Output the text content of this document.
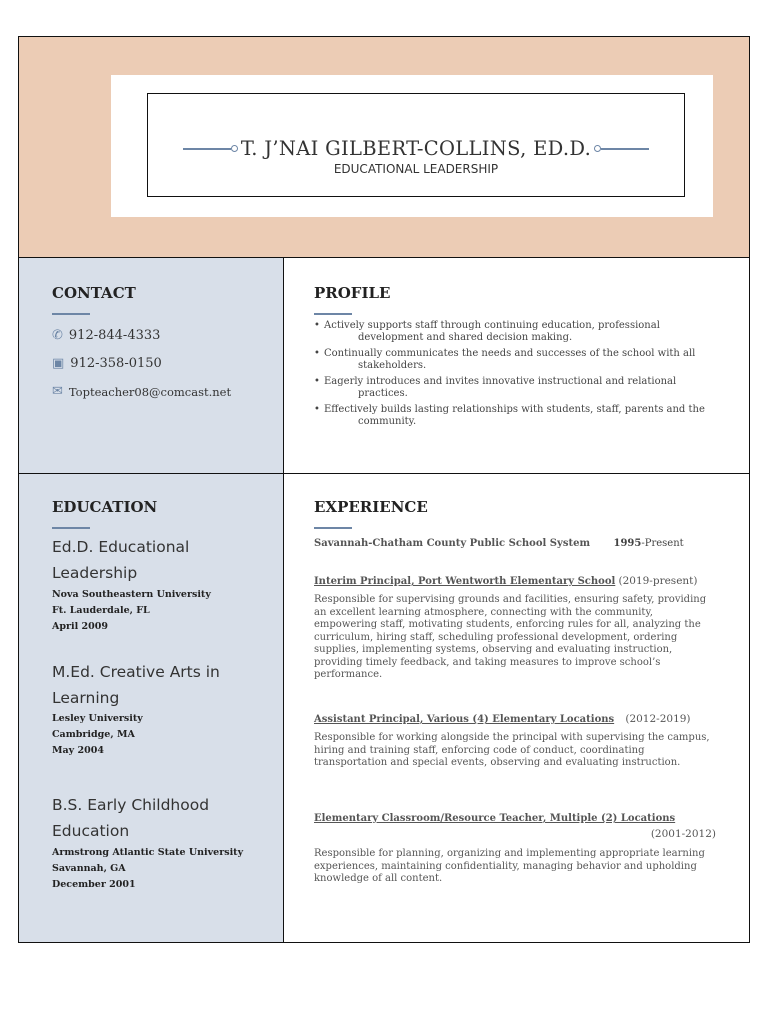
T. J’NAI GILBERT-COLLINS, ED.D.
EDUCATIONAL LEADERSHIP
CONTACT
✆ 912-844-4333
▣ 912-358-0150
✉ Topteacher08@comcast.net
PROFILE
• Actively supports staff through continuing education, professional development and shared decision making.
• Continually communicates the needs and successes of the school with all stakeholders.
• Eagerly introduces and invites innovative instructional and relational practices.
• Effectively builds lasting relationships with students, staff, parents and the community.
EDUCATION
Ed.D. Educational Leadership
Nova Southeastern University
Ft. Lauderdale, FL
April 2009
M.Ed. Creative Arts in Learning
Lesley University
Cambridge, MA
May 2004
B.S. Early Childhood Education
Armstrong Atlantic State University
Savannah, GA
December 2001
EXPERIENCE
Savannah-Chatham County Public School System 1995-Present
Interim Principal, Port Wentworth Elementary School (2019-present)
Responsible for supervising grounds and facilities, ensuring safety, providing an excellent learning atmosphere, connecting with the community, empowering staff, motivating students, enforcing rules for all, analyzing the curriculum, hiring staff, scheduling professional development, ordering supplies, implementing systems, observing and evaluating instruction, providing timely feedback, and taking measures to improve school’s performance.
Assistant Principal, Various (4) Elementary Locations (2012-2019)
Responsible for working alongside the principal with supervising the campus, hiring and training staff, enforcing code of conduct, coordinating transportation and special events, observing and evaluating instruction.
Elementary Classroom/Resource Teacher, Multiple (2) Locations
(2001-2012)
Responsible for planning, organizing and implementing appropriate learning experiences, maintaining confidentiality, managing behavior and upholding knowledge of all content.
